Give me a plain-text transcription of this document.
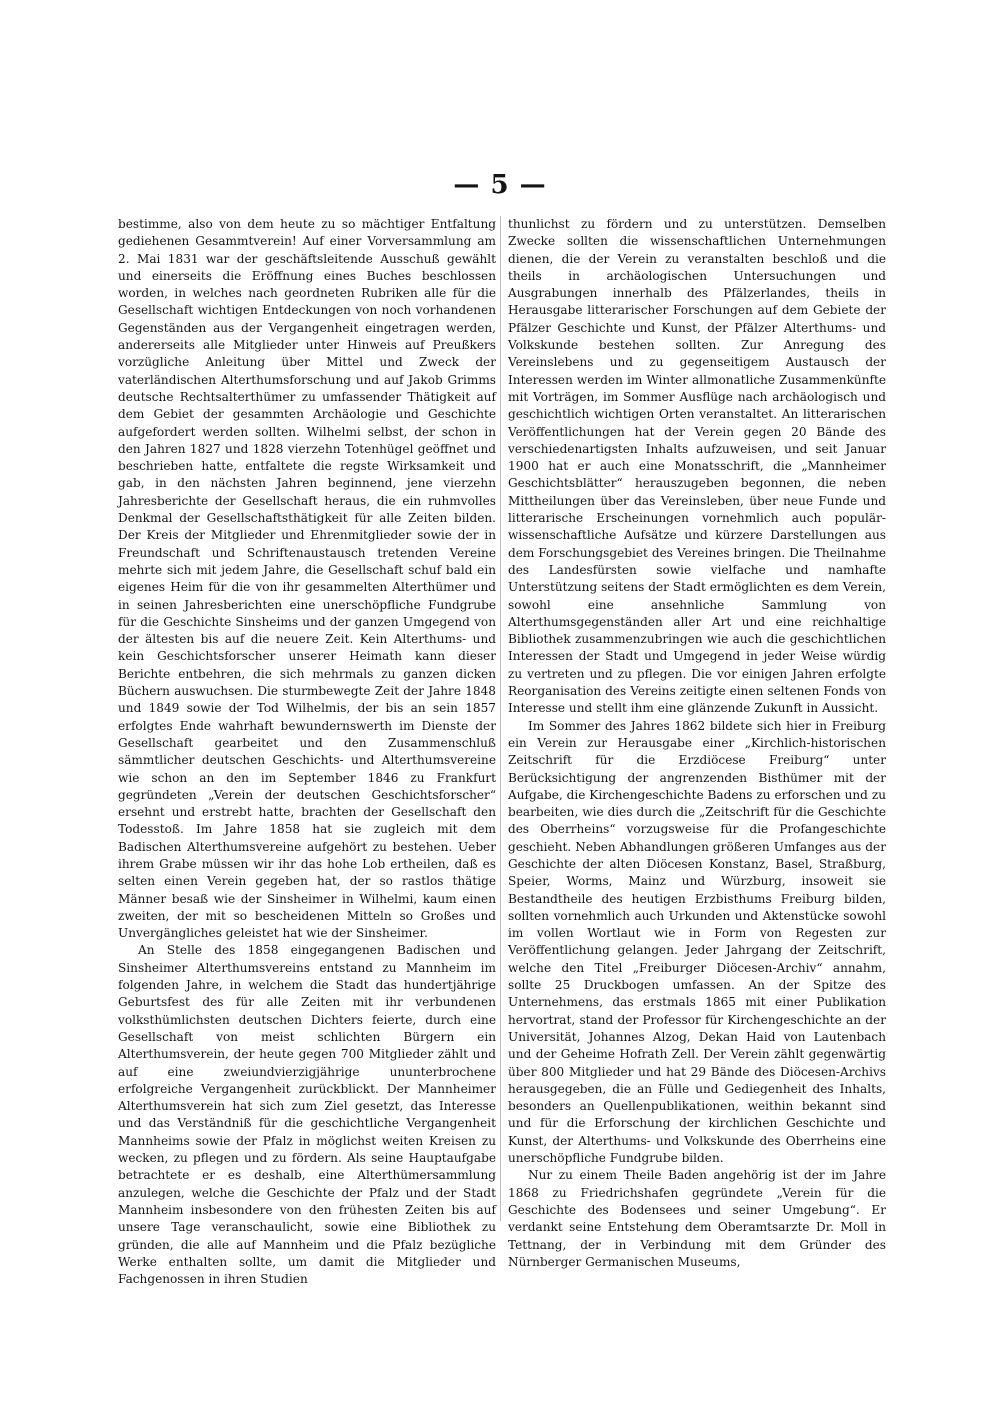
— 5 —

bestimme, also von dem heute zu so mächtiger Entfaltung gediehenen Gesammtverein! Auf einer Vorversammlung am 2. Mai 1831 war der geschäftsleitende Ausschuß gewählt und einerseits die Eröffnung eines Buches beschlossen worden, in welches nach geordneten Rubriken alle für die Gesellschaft wichtigen Entdeckungen von noch vorhandenen Gegenständen aus der Vergangenheit eingetragen werden, andererseits alle Mitglieder unter Hinweis auf Preußkers vorzügliche Anleitung über Mittel und Zweck der vaterländischen Alterthumsforschung und auf Jakob Grimms deutsche Rechtsalterthümer zu umfassender Thätigkeit auf dem Gebiet der gesammten Archäologie und Geschichte aufgefordert werden sollten. Wilhelmi selbst, der schon in den Jahren 1827 und 1828 vierzehn Totenhügel geöffnet und beschrieben hatte, entfaltete die regste Wirksamkeit und gab, in den nächsten Jahren beginnend, jene vierzehn Jahresberichte der Gesellschaft heraus, die ein ruhmvolles Denkmal der Gesellschaftsthätigkeit für alle Zeiten bilden. Der Kreis der Mitglieder und Ehrenmitglieder sowie der in Freundschaft und Schriftenaustausch tretenden Vereine mehrte sich mit jedem Jahre, die Gesellschaft schuf bald ein eigenes Heim für die von ihr gesammelten Alterthümer und in seinen Jahresberichten eine unerschöpfliche Fundgrube für die Geschichte Sinsheims und der ganzen Umgegend von der ältesten bis auf die neuere Zeit. Kein Alterthums- und kein Geschichtsforscher unserer Heimath kann dieser Berichte entbehren, die sich mehrmals zu ganzen dicken Büchern auswuchsen. Die sturmbewegte Zeit der Jahre 1848 und 1849 sowie der Tod Wilhelmis, der bis an sein 1857 erfolgtes Ende wahrhaft bewundernswerth im Dienste der Gesellschaft gearbeitet und den Zusammenschluß sämmtlicher deutschen Geschichts- und Alterthumsvereine wie schon an den im September 1846 zu Frankfurt gegründeten „Verein der deutschen Geschichtsforscher“ ersehnt und erstrebt hatte, brachten der Gesellschaft den Todesstoß. Im Jahre 1858 hat sie zugleich mit dem Badischen Alterthumsvereine aufgehört zu bestehen. Ueber ihrem Grabe müssen wir ihr das hohe Lob ertheilen, daß es selten einen Verein gegeben hat, der so rastlos thätige Männer besaß wie der Sinsheimer in Wilhelmi, kaum einen zweiten, der mit so bescheidenen Mitteln so Großes und Unvergängliches geleistet hat wie der Sinsheimer.

An Stelle des 1858 eingegangenen Badischen und Sinsheimer Alterthumsvereins entstand zu Mannheim im folgenden Jahre, in welchem die Stadt das hundertjährige Geburtsfest des für alle Zeiten mit ihr verbundenen volksthümlichsten deutschen Dichters feierte, durch eine Gesellschaft von meist schlichten Bürgern ein Alterthumsverein, der heute gegen 700 Mitglieder zählt und auf eine zweiundvierzigjährige ununterbrochene erfolgreiche Vergangenheit zurückblickt. Der Mannheimer Alterthumsverein hat sich zum Ziel gesetzt, das Interesse und das Verständniß für die geschichtliche Vergangenheit Mannheims sowie der Pfalz in möglichst weiten Kreisen zu wecken, zu pflegen und zu fördern. Als seine Hauptaufgabe betrachtete er es deshalb, eine Alterthümersammlung anzulegen, welche die Geschichte der Pfalz und der Stadt Mannheim insbesondere von den frühesten Zeiten bis auf unsere Tage veranschaulicht, sowie eine Bibliothek zu gründen, die alle auf Mannheim und die Pfalz bezügliche Werke enthalten sollte, um damit die Mitglieder und Fachgenossen in ihren Studien

thunlichst zu fördern und zu unterstützen. Demselben Zwecke sollten die wissenschaftlichen Unternehmungen dienen, die der Verein zu veranstalten beschloß und die theils in archäologischen Untersuchungen und Ausgrabungen innerhalb des Pfälzerlandes, theils in Herausgabe litterarischer Forschungen auf dem Gebiete der Pfälzer Geschichte und Kunst, der Pfälzer Alterthums- und Volkskunde bestehen sollten. Zur Anregung des Vereinslebens und zu gegenseitigem Austausch der Interessen werden im Winter allmonatliche Zusammenkünfte mit Vorträgen, im Sommer Ausflüge nach archäologisch und geschichtlich wichtigen Orten veranstaltet. An litterarischen Veröffentlichungen hat der Verein gegen 20 Bände des verschiedenartigsten Inhalts aufzuweisen, und seit Januar 1900 hat er auch eine Monatsschrift, die „Mannheimer Geschichtsblätter“ herauszugeben begonnen, die neben Mittheilungen über das Vereinsleben, über neue Funde und litterarische Erscheinungen vornehmlich auch populär-wissenschaftliche Aufsätze und kürzere Darstellungen aus dem Forschungsgebiet des Vereines bringen. Die Theilnahme des Landesfürsten sowie vielfache und namhafte Unterstützung seitens der Stadt ermöglichten es dem Verein, sowohl eine ansehnliche Sammlung von Alterthumsgegenständen aller Art und eine reichhaltige Bibliothek zusammenzubringen wie auch die geschichtlichen Interessen der Stadt und Umgegend in jeder Weise würdig zu vertreten und zu pflegen. Die vor einigen Jahren erfolgte Reorganisation des Vereins zeitigte einen seltenen Fonds von Interesse und stellt ihm eine glänzende Zukunft in Aussicht.

Im Sommer des Jahres 1862 bildete sich hier in Freiburg ein Verein zur Herausgabe einer „Kirchlich-historischen Zeitschrift für die Erzdiöcese Freiburg“ unter Berücksichtigung der angrenzenden Bisthümer mit der Aufgabe, die Kirchengeschichte Badens zu erforschen und zu bearbeiten, wie dies durch die „Zeitschrift für die Geschichte des Oberrheins“ vorzugsweise für die Profangeschichte geschieht. Neben Abhandlungen größeren Umfanges aus der Geschichte der alten Diöcesen Konstanz, Basel, Straßburg, Speier, Worms, Mainz und Würzburg, insoweit sie Bestandtheile des heutigen Erzbisthums Freiburg bilden, sollten vornehmlich auch Urkunden und Aktenstücke sowohl im vollen Wortlaut wie in Form von Regesten zur Veröffentlichung gelangen. Jeder Jahrgang der Zeitschrift, welche den Titel „Freiburger Diöcesen-Archiv“ annahm, sollte 25 Druckbogen umfassen. An der Spitze des Unternehmens, das erstmals 1865 mit einer Publikation hervortrat, stand der Professor für Kirchengeschichte an der Universität, Johannes Alzog, Dekan Haid von Lautenbach und der Geheime Hofrath Zell. Der Verein zählt gegenwärtig über 800 Mitglieder und hat 29 Bände des Diöcesen-Archivs herausgegeben, die an Fülle und Gediegenheit des Inhalts, besonders an Quellenpublikationen, weithin bekannt sind und für die Erforschung der kirchlichen Geschichte und Kunst, der Alterthums- und Volkskunde des Oberrheins eine unerschöpfliche Fundgrube bilden.

Nur zu einem Theile Baden angehörig ist der im Jahre 1868 zu Friedrichshafen gegründete „Verein für die Geschichte des Bodensees und seiner Umgebung“. Er verdankt seine Entstehung dem Oberamtsarzte Dr. Moll in Tettnang, der in Verbindung mit dem Gründer des Nürnberger Germanischen Museums,
